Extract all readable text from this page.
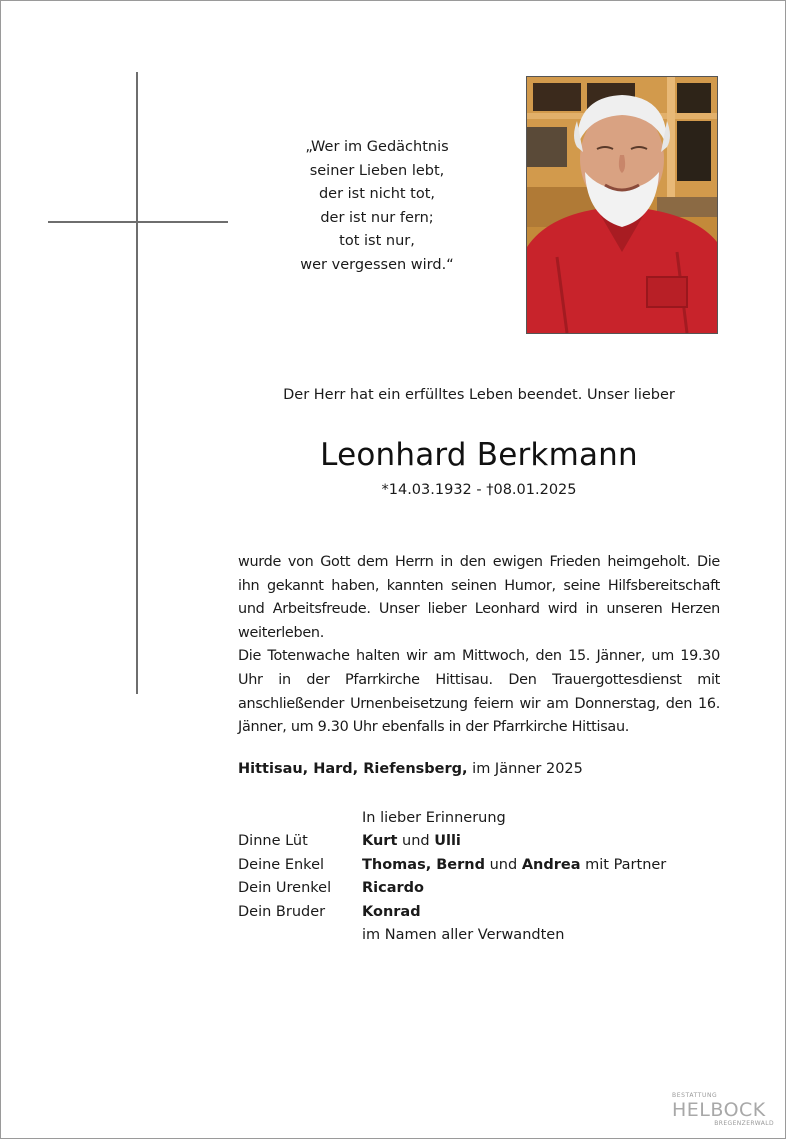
„Wer im Gedächtnis
seiner Lieben lebt,
der ist nicht tot,
der ist nur fern;
tot ist nur,
wer vergessen wird.“
Der Herr hat ein erfülltes Leben beendet. Unser lieber
Leonhard Berkmann
*14.03.1932 - †08.01.2025

wurde von Gott dem Herrn in den ewigen Frieden heimgeholt. Die ihn gekannt haben, kannten seinen Humor, seine Hilfsbereitschaft und Arbeitsfreude. Unser lieber Leonhard wird in unseren Herzen weiterleben.

Die Totenwache halten wir am Mittwoch, den 15. Jänner, um 19.30 Uhr in der Pfarrkirche Hittisau. Den Trauergottesdienst mit anschließender Urnenbeisetzung feiern wir am Donnerstag, den 16. Jänner, um 9.30 Uhr ebenfalls in der Pfarrkirche Hittisau.

Hittisau, Hard, Riefensberg, im Jänner 2025
In lieber Erinnerung
Dinne Lüt	Kurt und Ulli
Deine Enkel	Thomas, Bernd und Andrea mit Partner
Dein Urenkel	Ricardo
Dein Bruder	Konrad
im Namen aller Verwandten
BESTATTUNG
HELBOCK
BREGENZERWALD
